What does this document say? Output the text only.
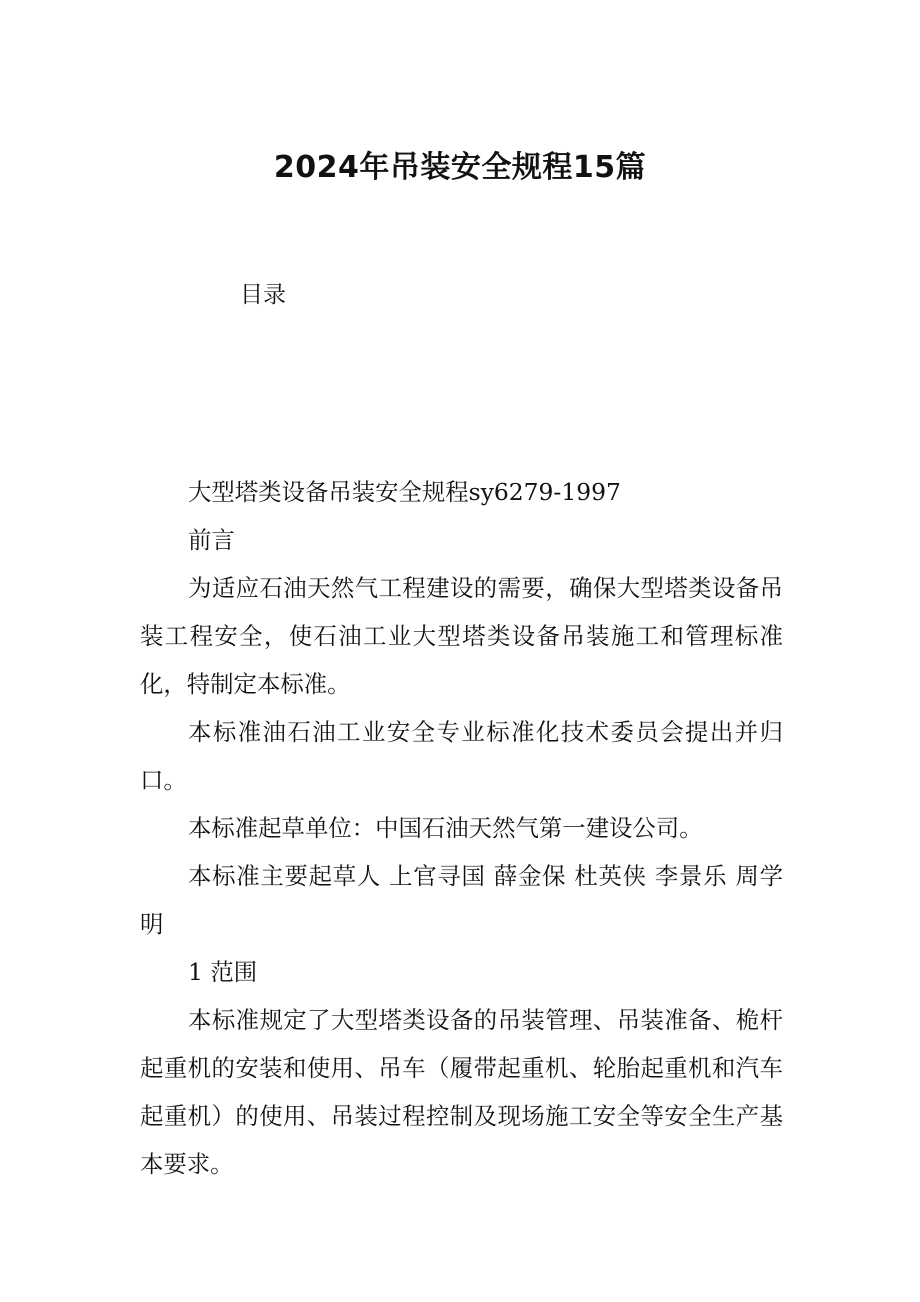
2024年吊装安全规程15篇
目录

大型塔类设备吊装安全规程sy6279-1997

前言

为适应石油天然气工程建设的需要，确保大型塔类设备吊装工程安全，使石油工业大型塔类设备吊装施工和管理标准化，特制定本标准。

本标准油石油工业安全专业标准化技术委员会提出并归口。

本标准起草单位：中国石油天然气第一建设公司。

本标准主要起草人 上官寻国 薛金保 杜英侠 李景乐 周学明

1 范围

本标准规定了大型塔类设备的吊装管理、吊装准备、桅杆起重机的安装和使用、吊车（履带起重机、轮胎起重机和汽车起重机）的使用、吊装过程控制及现场施工安全等安全生产基本要求。
